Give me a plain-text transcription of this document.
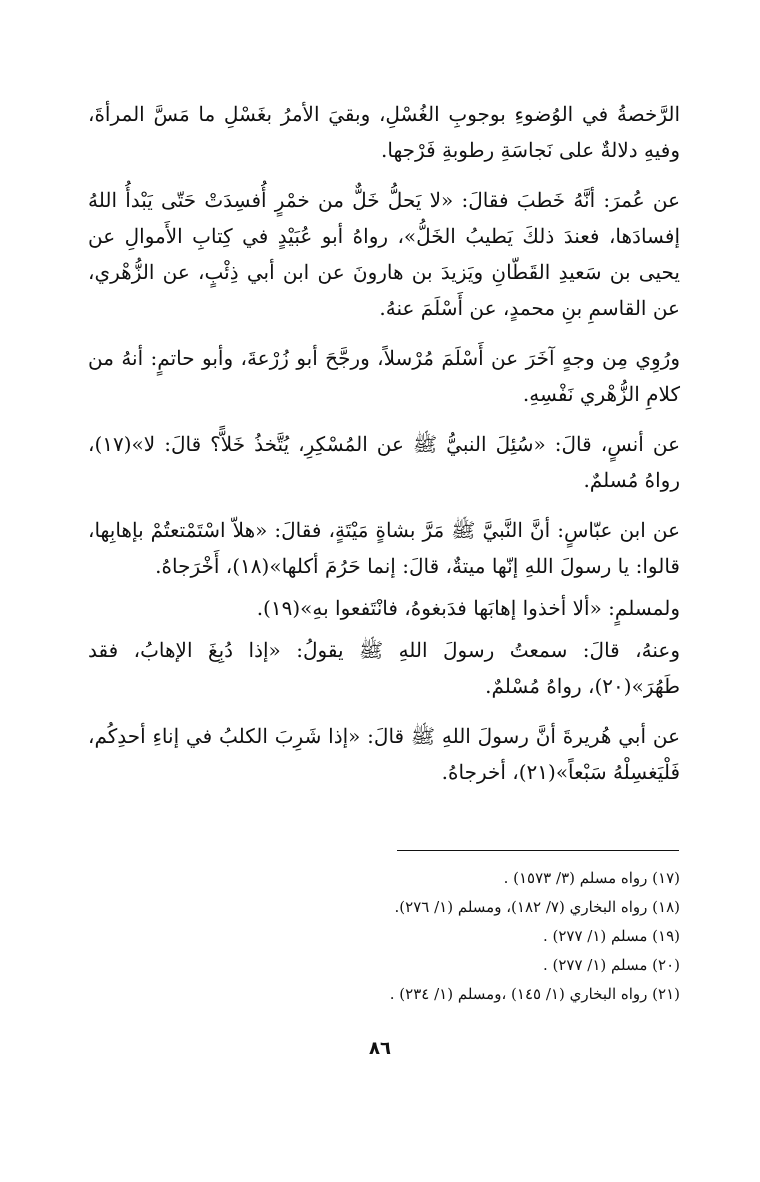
الرَّخصةُ في الوُضوءِ بوجوبِ الغُسْلِ، وبقيَ الأمرُ بغَسْلِ ما مَسَّ المرأةَ، وفيهِ دلالةٌ على نَجاسَةِ رطوبةِ فَرْجها.

عن عُمرَ: أنَّهُ خَطبَ فقالَ: «لا يَحلُّ خَلٌّ من خمْرٍ أُفسِدَتْ حَتّى يَبْدأُ اللهُ إفسادَها، فعندَ ذلكَ يَطيبُ الخَلُّ»، رواهُ أبو عُبَيْدٍ في كِتابِ الأَموالِ عن يحيى بن سَعيدِ القَطّانِ ويَزيدَ بن هارونَ عن ابن أبي ذِئْبٍ، عن الزُّهْري، عن القاسمِ بنِ محمدٍ، عن أَسْلَمَ عنهُ.

ورُوِي مِن وجهٍ آخَرَ عن أَسْلَمَ مُرْسلاً، ورجَّحَ أبو زُرْعةَ، وأبو حاتمٍ: أنهُ من كلامِ الزُّهْري نَفْسِهِ.

عن أنسٍ، قالَ: «سُئِلَ النبيُّ ﷺ عن المُسْكِرِ، يُتَّخذُ خَلاًّ؟ قالَ: لا»(١٧)، رواهُ مُسلمٌ.

عن ابن عبّاسٍ: أنَّ النَّبيَّ ﷺ مَرَّ بشاةٍ مَيْتَةٍ، فقالَ: «هلاّ اسْتَمْتعتُمْ بإهابِها، قالوا: يا رسولَ اللهِ إنّها ميتةٌ، قالَ: إنما حَرُمَ أكلها»(١٨)، أَخْرَجاهُ.

ولمسلمٍ: «ألا أخذوا إهابَها فدَبغوهُ، فانْتَفعوا بهِ»(١٩).

وعنهُ، قالَ: سمعتُ رسولَ اللهِ ﷺ يقولُ: «إذا دُبِغَ الإهابُ، فقد طَهُرَ»(٢٠)، رواهُ مُسْلمٌ.

عن أبي هُريرةَ أنَّ رسولَ اللهِ ﷺ قالَ: «إذا شَرِبَ الكلبُ في إناءِ أحدِكُم، فَلْيَغسِلْهُ سَبْعاً»(٢١)، أخرجاهُ.

(١٧) رواه مسلم (٣/ ١٥٧٣) .
(١٨) رواه البخاري (٧/ ١٨٢)، ومسلم (١/ ٢٧٦).
(١٩) مسلم (١/ ٢٧٧) .
(٢٠) مسلم (١/ ٢٧٧) .
(٢١) رواه البخاري (١/ ١٤٥) ،ومسلم (١/ ٢٣٤) .
٨٦
